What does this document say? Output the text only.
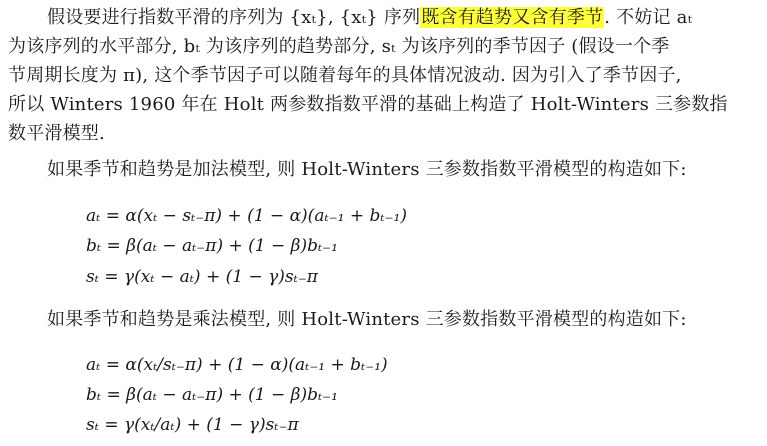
假设要进行指数平滑的序列为 {xₜ}, {xₜ} 序列既含有趋势又含有季节. 不妨记 aₜ
为该序列的水平部分, bₜ 为该序列的趋势部分, sₜ 为该序列的季节因子 (假设一个季
节周期长度为 π), 这个季节因子可以随着每年的具体情况波动. 因为引入了季节因子,
所以 Winters 1960 年在 Holt 两参数指数平滑的基础上构造了 Holt-Winters 三参数指
数平滑模型.
如果季节和趋势是加法模型, 则 Holt-Winters 三参数指数平滑模型的构造如下:
aₜ = α(xₜ − sₜ₋π) + (1 − α)(aₜ₋₁ + bₜ₋₁)
bₜ = β(aₜ − aₜ₋π) + (1 − β)bₜ₋₁
sₜ = γ(xₜ − aₜ) + (1 − γ)sₜ₋π
如果季节和趋势是乘法模型, 则 Holt-Winters 三参数指数平滑模型的构造如下:
aₜ = α(xₜ/sₜ₋π) + (1 − α)(aₜ₋₁ + bₜ₋₁)
bₜ = β(aₜ − aₜ₋π) + (1 − β)bₜ₋₁
sₜ = γ(xₜ/aₜ) + (1 − γ)sₜ₋π
